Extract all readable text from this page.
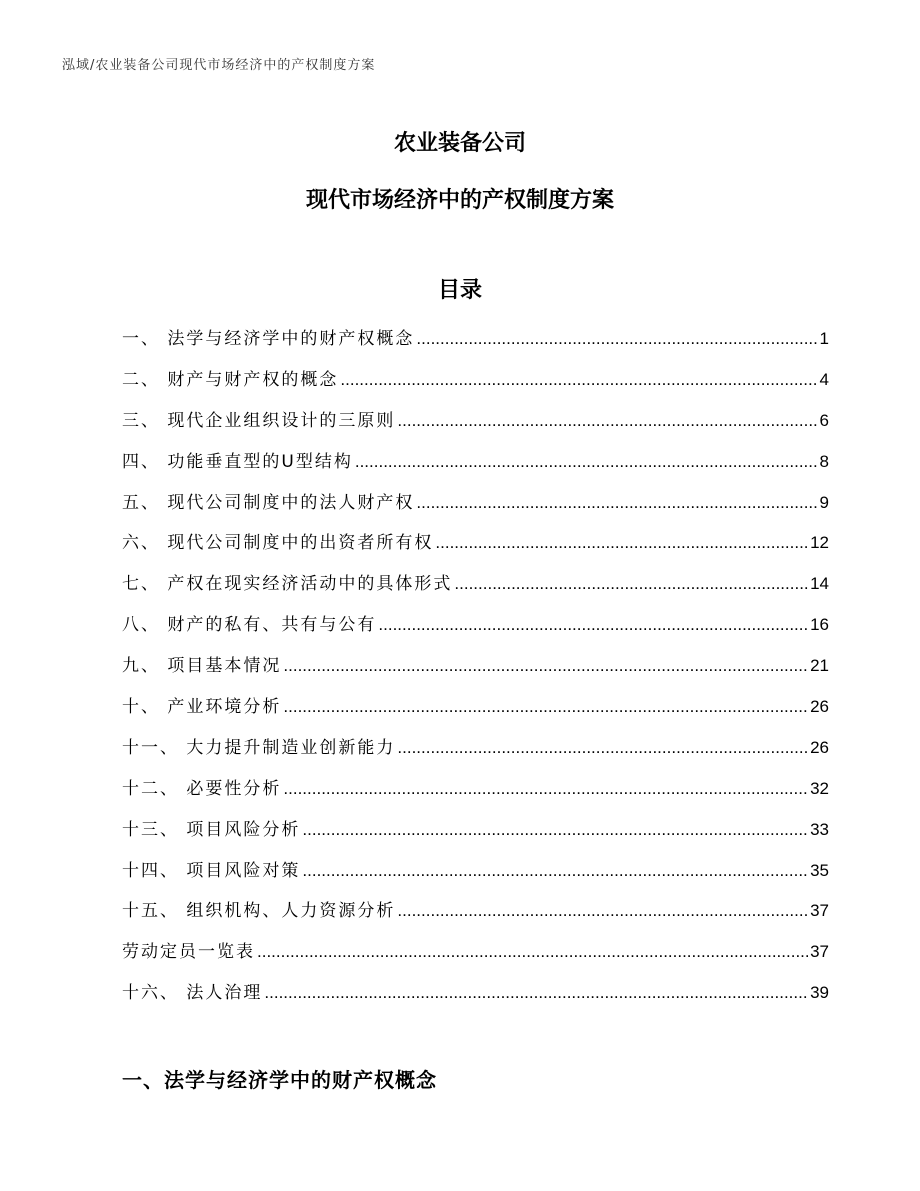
泓域/农业装备公司现代市场经济中的产权制度方案
农业装备公司
现代市场经济中的产权制度方案
目录
一、 法学与经济学中的财产权概念 .....	1
二、 财产与财产权的概念 .....	4
三、 现代企业组织设计的三原则 .....	6
四、 功能垂直型的U型结构 .....	8
五、 现代公司制度中的法人财产权 .....	9
六、 现代公司制度中的出资者所有权 .....	12
七、 产权在现实经济活动中的具体形式 .....	14
八、 财产的私有、共有与公有 .....	16
九、 项目基本情况 .....	21
十、 产业环境分析 .....	26
十一、 大力提升制造业创新能力 .....	26
十二、 必要性分析 .....	32
十三、 项目风险分析 .....	33
十四、 项目风险对策 .....	35
十五、 组织机构、人力资源分析 .....	37
劳动定员一览表 .....	37
十六、 法人治理 .....	39
一、法学与经济学中的财产权概念
